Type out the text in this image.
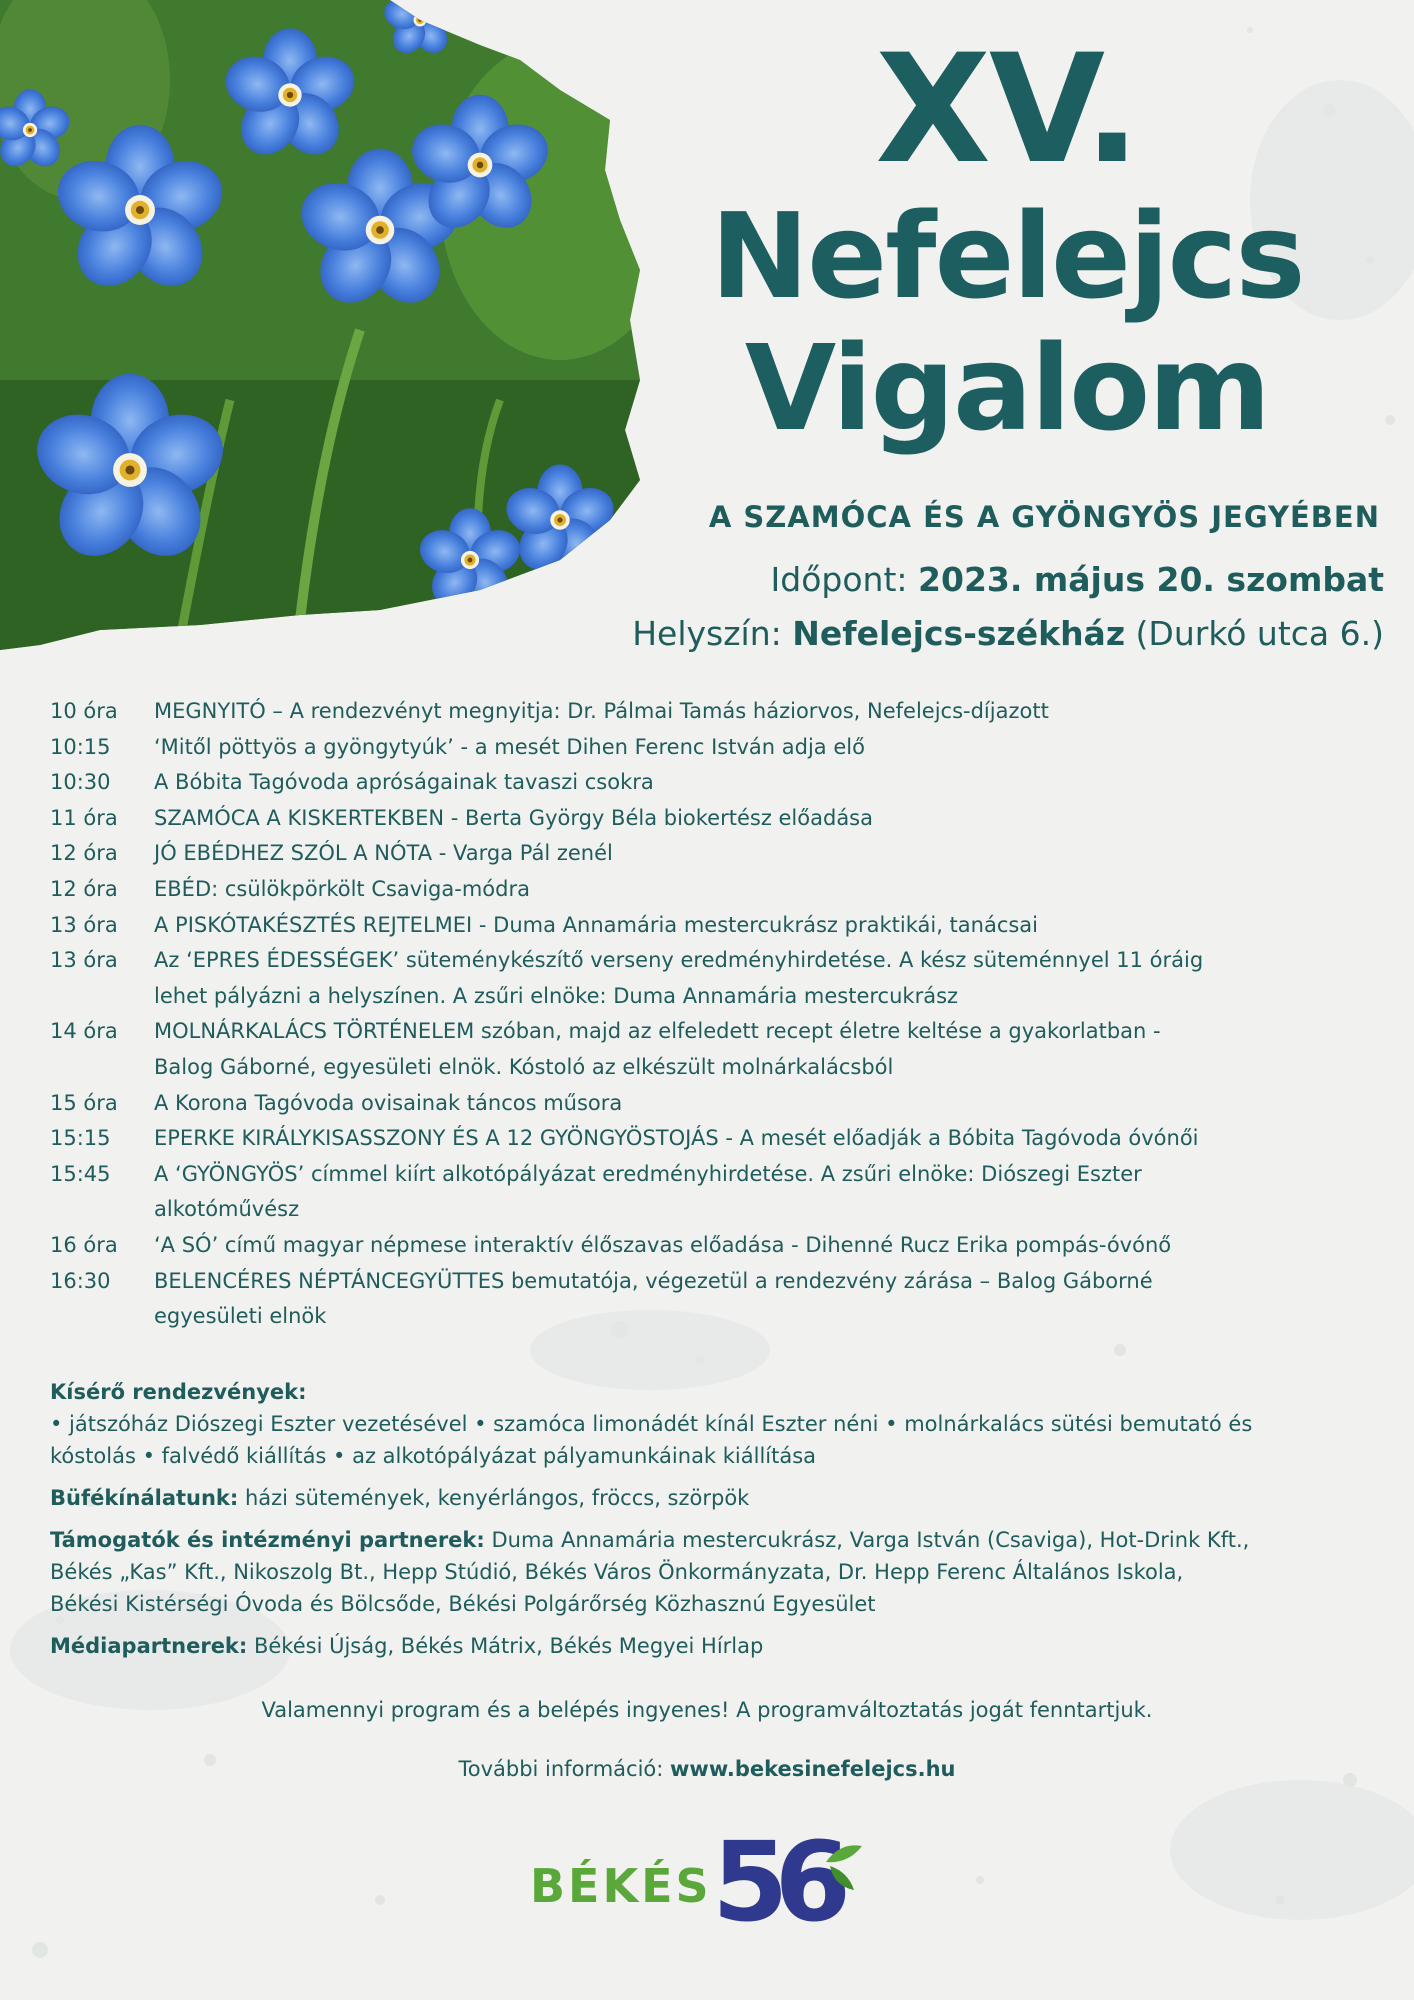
XV.

Nefelejcs

Vigalom

A SZAMÓCA ÉS A GYÖNGYÖS JEGYÉBEN
Időpont: 2023. május 20. szombat
Helyszín: Nefelejcs-székház (Durkó utca 6.)
10 óra	MEGNYITÓ – A rendezvényt megnyitja: Dr. Pálmai Tamás háziorvos, Nefelejcs-díjazott
10:15	‘Mitől pöttyös a gyöngytyúk’ - a mesét Dihen Ferenc István adja elő
10:30	A Bóbita Tagóvoda apróságainak tavaszi csokra
11 óra	SZAMÓCA A KISKERTEKBEN - Berta György Béla biokertész előadása
12 óra	JÓ EBÉDHEZ SZÓL A NÓTA - Varga Pál zenél
12 óra	EBÉD: csülökpörkölt Csaviga-módra
13 óra	A PISKÓTAKÉSZTÉS REJTELMEI - Duma Annamária mestercukrász praktikái, tanácsai
13 óra	Az ‘EPRES ÉDESSÉGEK’ süteménykészítő verseny eredményhirdetése. A kész süteménnyel 11 óráig
lehet pályázni a helyszínen. A zsűri elnöke: Duma Annamária mestercukrász
14 óra	MOLNÁRKALÁCS TÖRTÉNELEM szóban, majd az elfeledett recept életre keltése a gyakorlatban -
Balog Gáborné, egyesületi elnök. Kóstoló az elkészült molnárkalácsból
15 óra	A Korona Tagóvoda ovisainak táncos műsora
15:15	EPERKE KIRÁLYKISASSZONY ÉS A 12 GYÖNGYÖSTOJÁS - A mesét előadják a Bóbita Tagóvoda óvónői
15:45	A ‘GYÖNGYÖS’ címmel kiírt alkotópályázat eredményhirdetése. A zsűri elnöke: Diószegi Eszter
alkotóművész
16 óra	‘A SÓ’ című magyar népmese interaktív élőszavas előadása - Dihenné Rucz Erika pompás-óvónő
16:30	BELENCÉRES NÉPTÁNCEGYÜTTES bemutatója, végezetül a rendezvény zárása – Balog Gáborné
egyesületi elnök
Kísérő rendezvények:
• játszóház Diószegi Eszter vezetésével • szamóca limonádét kínál Eszter néni • molnárkalács sütési bemutató és
kóstolás • falvédő kiállítás • az alkotópályázat pályamunkáinak kiállítása
Büfékínálatunk: házi sütemények, kenyérlángos, fröccs, szörpök
Támogatók és intézményi partnerek: Duma Annamária mestercukrász, Varga István (Csaviga), Hot-Drink Kft.,
Békés „Kas” Kft., Nikoszolg Bt., Hepp Stúdió, Békés Város Önkormányzata, Dr. Hepp Ferenc Általános Iskola,
Békési Kistérségi Óvoda és Bölcsőde, Békési Polgárőrség Közhasznú Egyesület
Médiapartnerek: Békési Újság, Békés Mátrix, Békés Megyei Hírlap
Valamennyi program és a belépés ingyenes! A programváltoztatás jogát fenntartjuk.
További információ: www.bekesinefelejcs.hu
BÉKÉS 56
